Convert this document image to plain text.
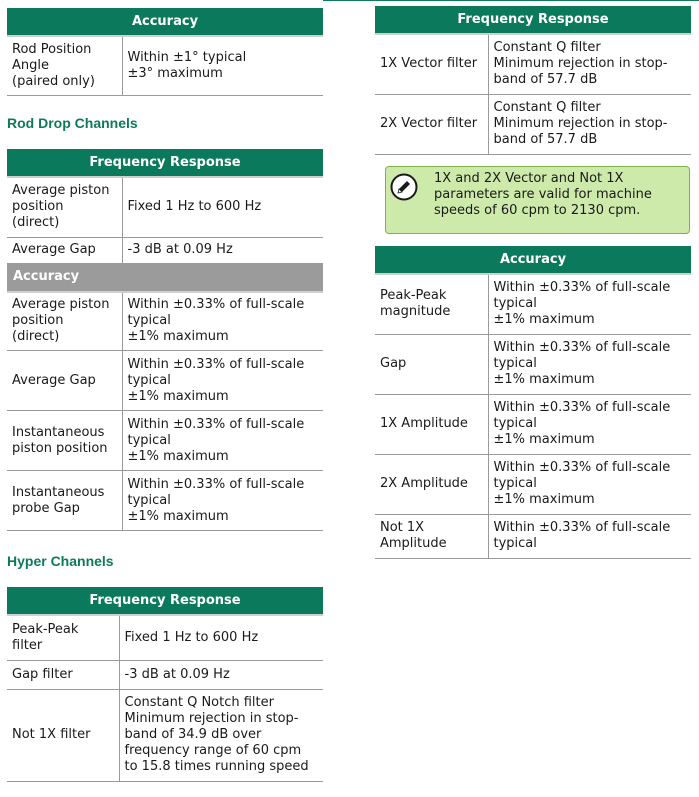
Accuracy
Rod Position Angle
(paired only)	Within ±1° typical
±3° maximum
Rod Drop Channels
Frequency Response	
Average piston
position
(direct)	Fixed 1 Hz to 600 Hz
Average Gap	-3 dB at 0.09 Hz
Accuracy	
Average piston
position
(direct)	Within ±0.33% of full-scale
typical
±1% maximum
Average Gap	Within ±0.33% of full-scale
typical
±1% maximum
Instantaneous
piston position	Within ±0.33% of full-scale
typical
±1% maximum
Instantaneous
probe Gap	Within ±0.33% of full-scale
typical
±1% maximum
Hyper Channels
Frequency Response	
Peak-Peak
filter	Fixed 1 Hz to 600 Hz
Gap filter	-3 dB at 0.09 Hz
Not 1X filter	Constant Q Notch filter
Minimum rejection in stop-
band of 34.9 dB over
frequency range of 60 cpm
to 15.8 times running speed
Frequency Response	
1X Vector filter	Constant Q filter
Minimum rejection in stop-
band of 57.7 dB
2X Vector filter	Constant Q filter
Minimum rejection in stop-
band of 57.7 dB
1X and 2X Vector and Not 1X
parameters are valid for machine
speeds of 60 cpm to 2130 cpm.
Accuracy	
Peak-Peak
magnitude	Within ±0.33% of full-scale
typical
±1% maximum
Gap	Within ±0.33% of full-scale
typical
±1% maximum
1X Amplitude	Within ±0.33% of full-scale
typical
±1% maximum
2X Amplitude	Within ±0.33% of full-scale
typical
±1% maximum
Not 1X
Amplitude	Within ±0.33% of full-scale
typical
